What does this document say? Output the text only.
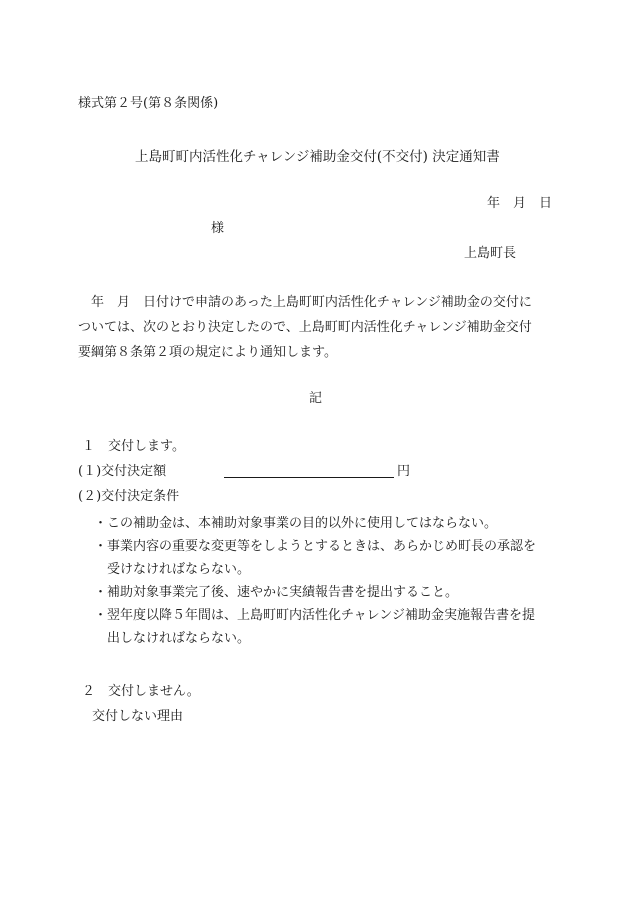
様式第２号(第８条関係)
上島町町内活性化チャレンジ補助金交付(不交付) 決定通知書
年　月　日
様
上島町長
　年　月　日付けで申請のあった上島町町内活性化チャレンジ補助金の交付に
ついては、次のとおり決定したので、上島町町内活性化チャレンジ補助金交付
要綱第８条第２項の規定により通知します。
記
１　交付します。
(１)交付決定額	円
(２)交付決定条件
・この補助金は、本補助対象事業の目的以外に使用してはならない。
・事業内容の重要な変更等をしようとするときは、あらかじめ町長の承認を
受けなければならない。
・補助対象事業完了後、速やかに実績報告書を提出すること。
・翌年度以降５年間は、上島町町内活性化チャレンジ補助金実施報告書を提
出しなければならない。
２　交付しません。
交付しない理由
